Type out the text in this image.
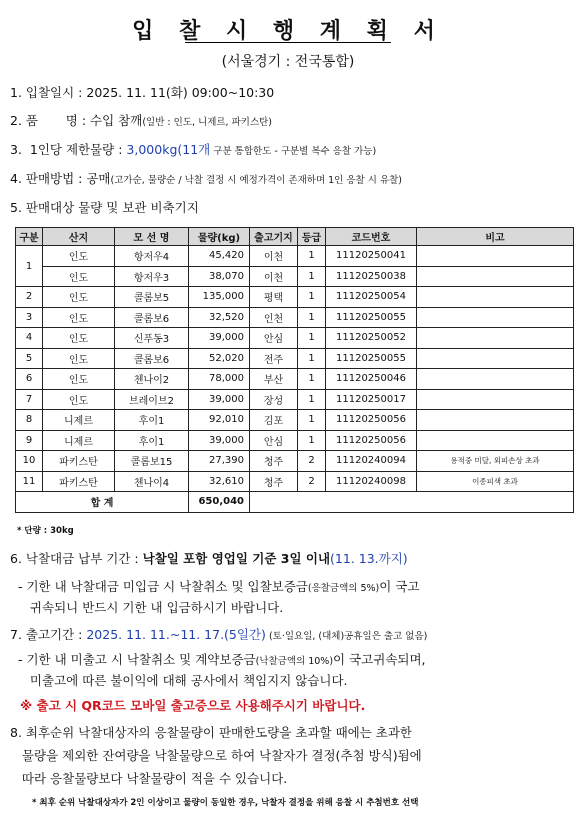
입 찰 시 행 계 획 서
(서울경기 : 전국통합)
1. 입찰일시 : 2025. 11. 11(화) 09:00~10:30
2. 품       명 : 수입 참깨(일반 : 인도, 니제르, 파키스탄)
3.  1인당 제한물량 : 3,000kg(11개 구분 통합한도 - 구분별 복수 응찰 가능)
4. 판매방법 : 공매(고가순, 물량순 / 낙찰 결정 시 예정가격이 존재하며 1인 응찰 시 유찰)
5. 판매대상 물량 및 보관 비축기지
구분	산지	모 선 명	물량(kg)	출고기지	등급	코드번호	비고
1	인도	항저우4	45,420	이천	1	11120250041	
	인도	항저우3	38,070	이천	1	11120250038	
2	인도	콜롬보5	135,000	평택	1	11120250054	
3	인도	콜롬보6	32,520	인천	1	11120250055	
4	인도	신푸동3	39,000	안심	1	11120250052	
5	인도	콜롬보6	52,020	전주	1	11120250055	
6	인도	첸나이2	78,000	부산	1	11120250046	
7	인도	브레이브2	39,000	장성	1	11120250017	
8	니제르	후이1	92,010	김포	1	11120250056	
9	니제르	후이1	39,000	안심	1	11120250056	
10	파키스탄	콜롬보15	27,390	청주	2	11120240094	용적중 미달, 외피손상 초과
11	파키스탄	첸나이4	32,610	청주	2	11120240098	이종피색 초과
합 계			650,040				
* 단량 : 30kg
6. 낙찰대금 납부 기간 : 낙찰일 포함 영업일 기준 3일 이내(11. 13.까지)
- 기한 내 낙찰대금 미입금 시 낙찰취소 및 입찰보증금(응찰금액의 5%)이 국고
귀속되니 반드시 기한 내 입금하시기 바랍니다.
7. 출고기간 : 2025. 11. 11.~11. 17.(5일간) (토·일요일, (대체)공휴일은 출고 없음)
- 기한 내 미출고 시 낙찰취소 및 계약보증금(낙찰금액의 10%)이 국고귀속되며,
미출고에 따른 불이익에 대해 공사에서 책임지지 않습니다.
※ 출고 시 QR코드 모바일 출고증으로 사용해주시기 바랍니다.
8. 최후순위 낙찰대상자의 응찰물량이 판매한도량을 초과할 때에는 초과한
물량을 제외한 잔여량을 낙찰물량으로 하여 낙찰자가 결정(추첨 방식)됨에
따라 응찰물량보다 낙찰물량이 적을 수 있습니다.
* 최후 순위 낙찰대상자가 2인 이상이고 물량이 동일한 경우, 낙찰자 결정을 위해 응찰 시 추첨번호 선택
